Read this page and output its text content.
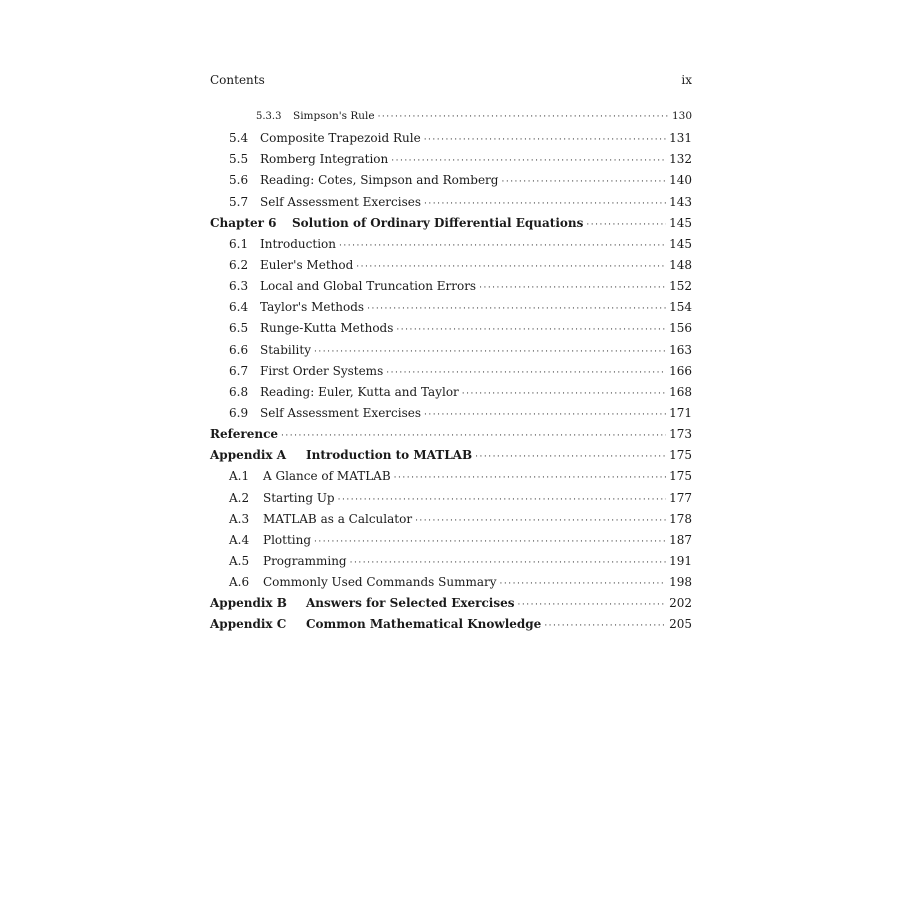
Contents	ix
5.3.3	Simpson's Rule ·····	130
5.4 Composite Trapezoid Rule ·····	131
5.5 Romberg Integration ·····	132
5.6 Reading: Cotes, Simpson and Romberg ·····	140
5.7 Self Assessment Exercises ·····	143
Chapter 6	Solution of Ordinary Differential Equations ·····	145
6.1 Introduction ·····	145
6.2 Euler's Method ·····	148
6.3 Local and Global Truncation Errors ·····	152
6.4 Taylor's Methods ·····	154
6.5 Runge-Kutta Methods ·····	156
6.6 Stability ·····	163
6.7 First Order Systems ·····	166
6.8 Reading: Euler, Kutta and Taylor ·····	168
6.9 Self Assessment Exercises ·····	171
Reference ·····	173
Appendix A	Introduction to MATLAB ·····	175
A.1	A Glance of MATLAB ·····	175
A.2	Starting Up ·····	177
A.3	MATLAB as a Calculator ·····	178
A.4	Plotting ·····	187
A.5	Programming ·····	191
A.6	Commonly Used Commands Summary ·····	198
Appendix B	Answers for Selected Exercises ·····	202
Appendix C	Common Mathematical Knowledge ·····	205
